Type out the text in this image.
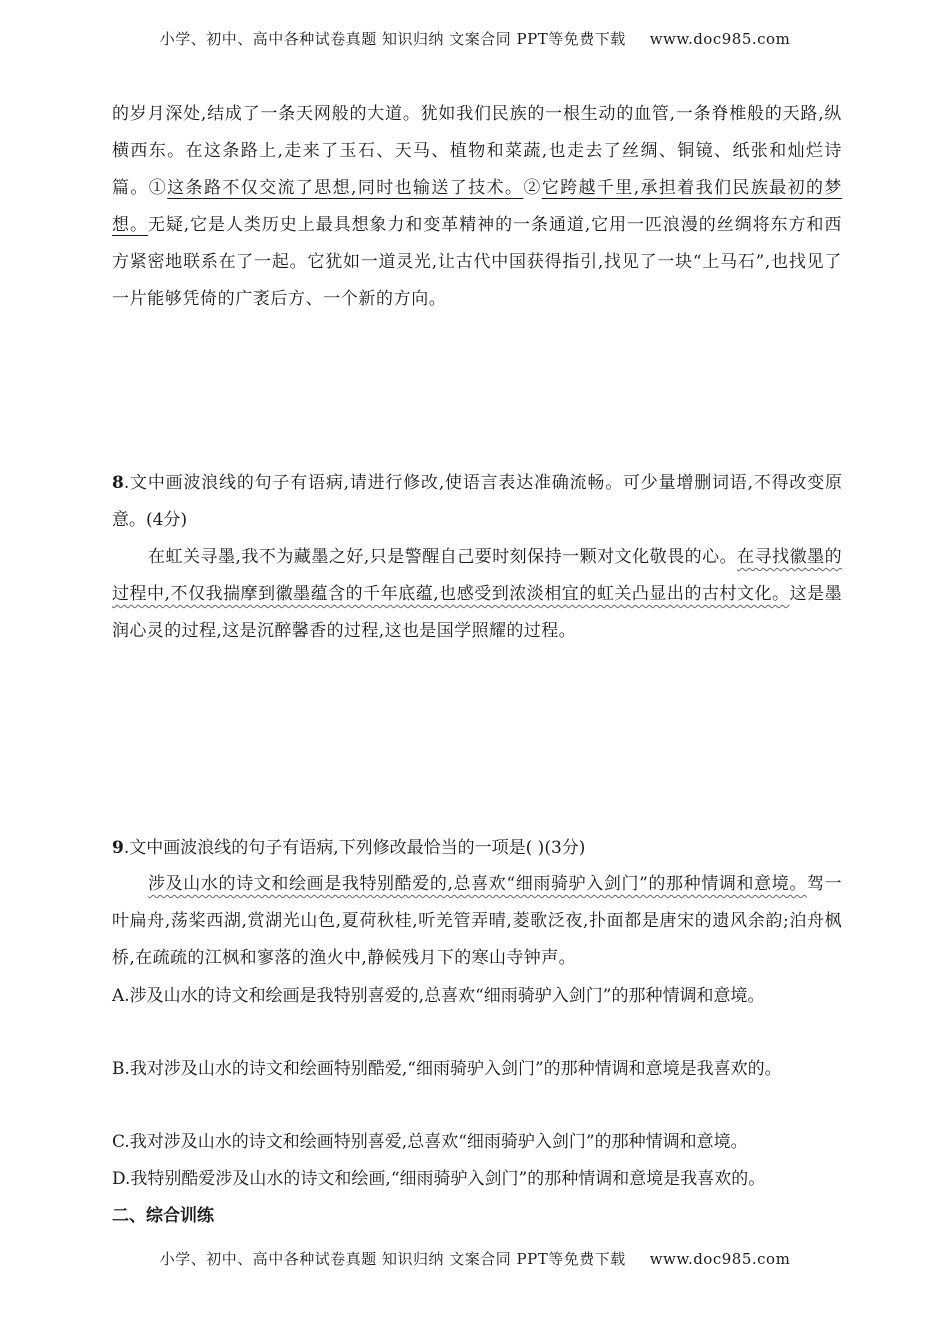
小学、初中、高中各种试卷真题 知识归纳 文案合同 PPT等免费下载 www.doc985.com
的岁月深处,结成了一条天网般的大道。犹如我们民族的一根生动的血管,一条脊椎般的天路,纵横西东。在这条路上,走来了玉石、天马、植物和菜蔬,也走去了丝绸、铜镜、纸张和灿烂诗篇。①这条路不仅交流了思想,同时也输送了技术。②它跨越千里,承担着我们民族最初的梦想。无疑,它是人类历史上最具想象力和变革精神的一条通道,它用一匹浪漫的丝绸将东方和西方紧密地联系在了一起。它犹如一道灵光,让古代中国获得指引,找见了一块“上马石”,也找见了一片能够凭倚的广袤后方、一个新的方向。
8.文中画波浪线的句子有语病,请进行修改,使语言表达准确流畅。可少量增删词语,不得改变原意。(4分)
在虹关寻墨,我不为藏墨之好,只是警醒自己要时刻保持一颗对文化敬畏的心。在寻找徽墨的过程中,不仅我揣摩到徽墨蕴含的千年底蕴,也感受到浓淡相宜的虹关凸显出的古村文化。这是墨润心灵的过程,这是沉醉馨香的过程,这也是国学照耀的过程。
9.文中画波浪线的句子有语病,下列修改最恰当的一项是( )(3分)
涉及山水的诗文和绘画是我特别酷爱的,总喜欢“细雨骑驴入剑门”的那种情调和意境。驾一叶扁舟,荡桨西湖,赏湖光山色,夏荷秋桂,听羌管弄晴,菱歌泛夜,扑面都是唐宋的遗风余韵;泊舟枫桥,在疏疏的江枫和寥落的渔火中,静候残月下的寒山寺钟声。
A.涉及山水的诗文和绘画是我特别喜爱的,总喜欢“细雨骑驴入剑门”的那种情调和意境。
B.我对涉及山水的诗文和绘画特别酷爱,“细雨骑驴入剑门”的那种情调和意境是我喜欢的。
C.我对涉及山水的诗文和绘画特别喜爱,总喜欢“细雨骑驴入剑门”的那种情调和意境。
D.我特别酷爱涉及山水的诗文和绘画,“细雨骑驴入剑门”的那种情调和意境是我喜欢的。
二、综合训练
小学、初中、高中各种试卷真题 知识归纳 文案合同 PPT等免费下载 www.doc985.com
